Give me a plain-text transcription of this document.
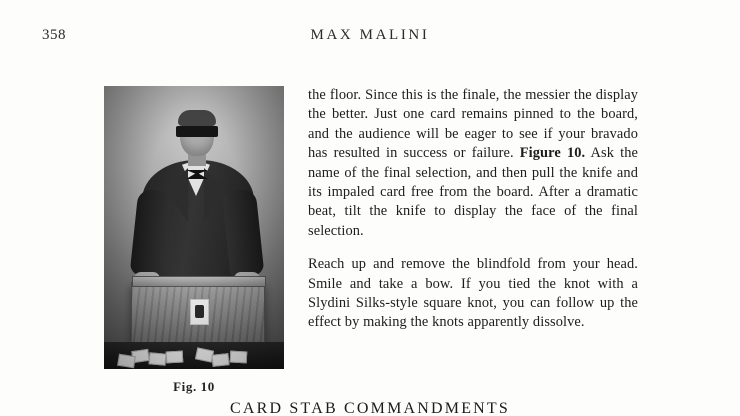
358	MAX MALINI
Fig. 10

the floor. Since this is the finale, the messier the display the better. Just one card remains pinned to the board, and the audience will be eager to see if your bravado has resulted in success or failure. Figure 10. Ask the name of the final selection, and then pull the knife and its impaled card free from the board. After a dramatic beat, tilt the knife to display the face of the final selection.

Reach up and remove the blindfold from your head. Smile and take a bow. If you tied the knot with a Slydini Silks-style square knot, you can follow up the effect by making the knots apparently dissolve.

CARD STAB COMMANDMENTS
